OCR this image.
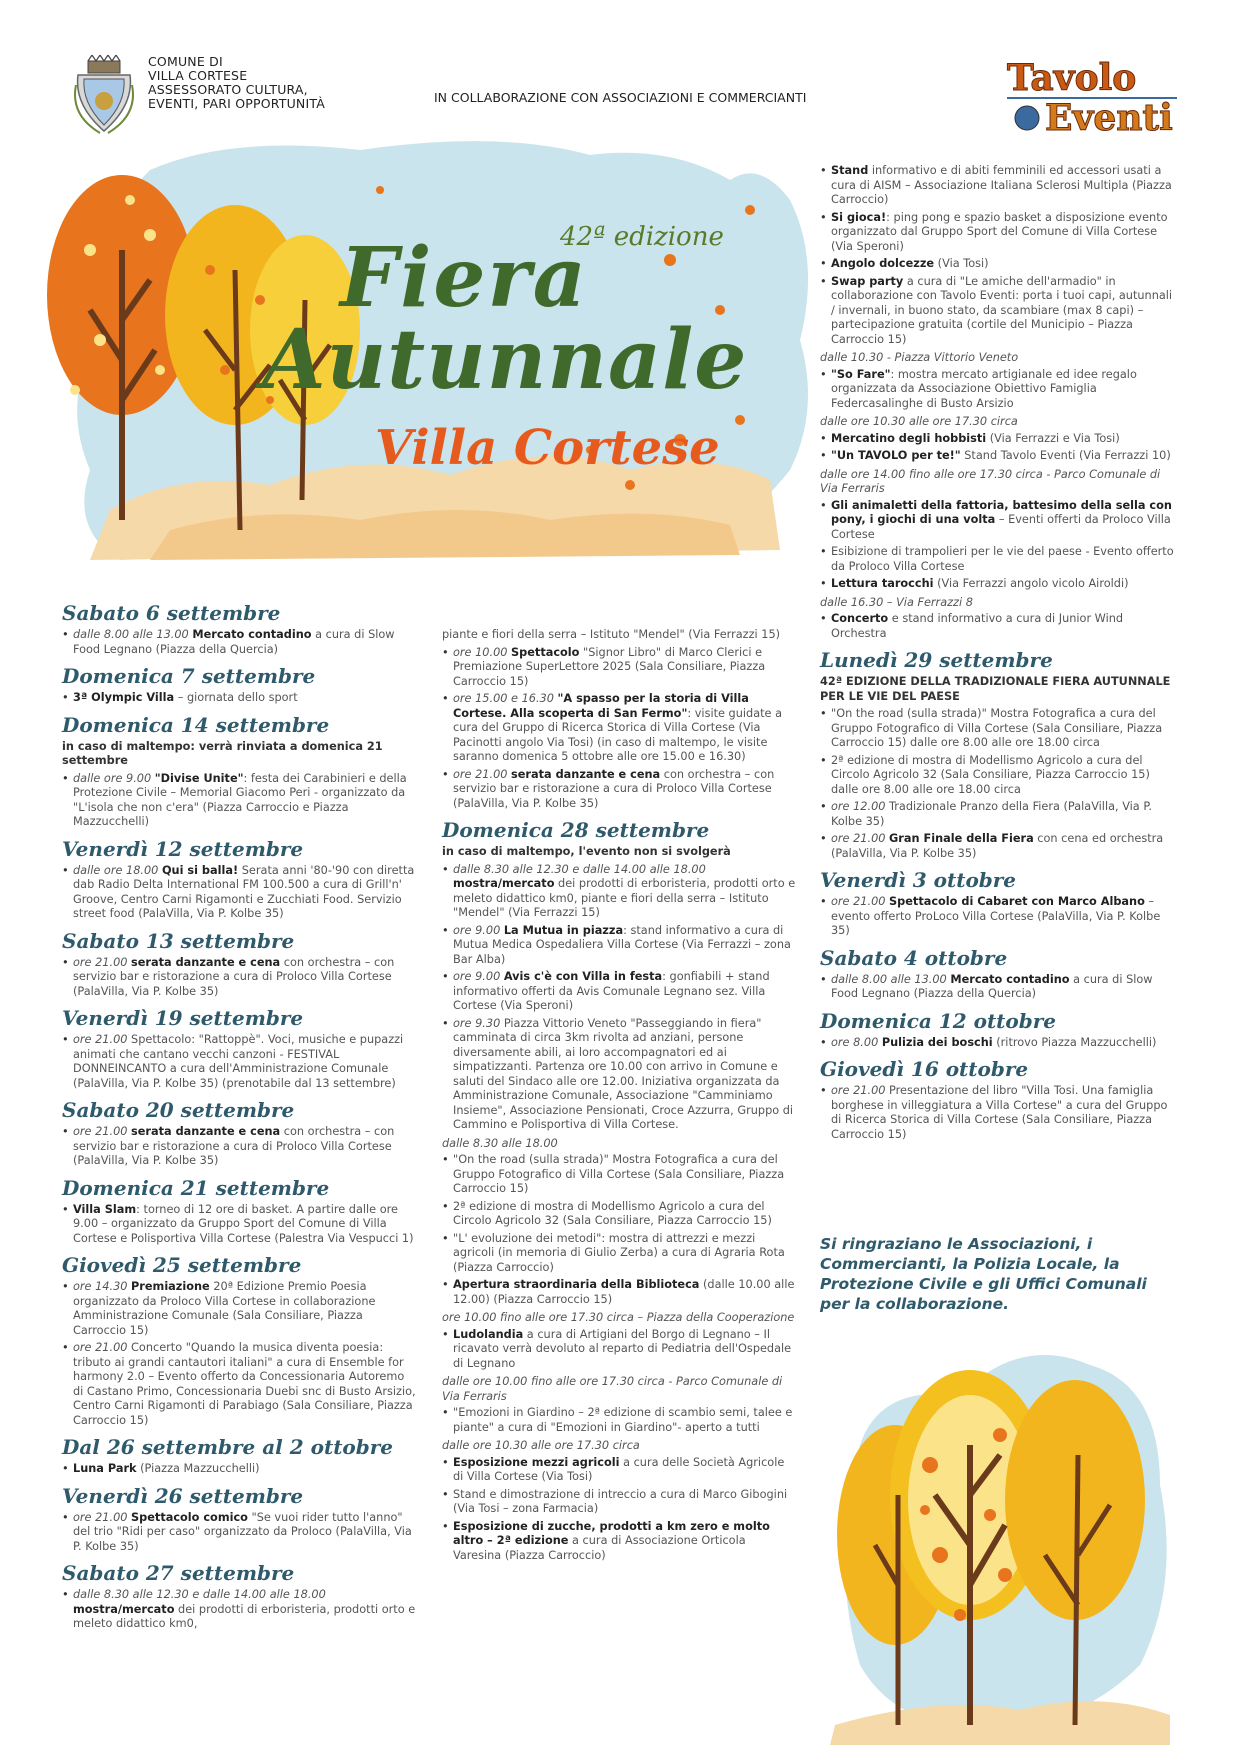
COMUNE DI
VILLA CORTESE
ASSESSORATO CULTURA,
EVENTI, PARI OPPORTUNITÀ	IN COLLABORAZIONE CON ASSOCIAZIONI E COMMERCIANTI	Tavolo
Eventi
42ª edizione
Fiera
Autunnale
Villa Cortese
Sabato 6 settembre
• dalle 8.00 alle 13.00 Mercato contadino a cura di Slow Food Legnano (Piazza della Quercia)
Domenica 7 settembre
• 3ª Olympic Villa – giornata dello sport
Domenica 14 settembre
in caso di maltempo: verrà rinviata a domenica 21 settembre
• dalle ore 9.00 "Divise Unite": festa dei Carabinieri e della Protezione Civile – Memorial Giacomo Peri - organizzato da "L'isola che non c'era" (Piazza Carroccio e Piazza Mazzucchelli)
Venerdì 12 settembre
• dalle ore 18.00 Qui si balla! Serata anni '80-'90 con diretta dab Radio Delta International FM 100.500 a cura di Grill'n' Groove, Centro Carni Rigamonti e Zucchiati Food. Servizio street food (PalaVilla, Via P. Kolbe 35)
Sabato 13 settembre
• ore 21.00 serata danzante e cena con orchestra – con servizio bar e ristorazione a cura di Proloco Villa Cortese (PalaVilla, Via P. Kolbe 35)
Venerdì 19 settembre
• ore 21.00 Spettacolo: "Rattoppè". Voci, musiche e pupazzi animati che cantano vecchi canzoni - FESTIVAL DONNEINCANTO a cura dell'Amministrazione Comunale (PalaVilla, Via P. Kolbe 35) (prenotabile dal 13 settembre)
Sabato 20 settembre
• ore 21.00 serata danzante e cena con orchestra – con servizio bar e ristorazione a cura di Proloco Villa Cortese (PalaVilla, Via P. Kolbe 35)
Domenica 21 settembre
• Villa Slam: torneo di 12 ore di basket. A partire dalle ore 9.00 – organizzato da Gruppo Sport del Comune di Villa Cortese e Polisportiva Villa Cortese (Palestra Via Vespucci 1)
Giovedì 25 settembre
• ore 14.30 Premiazione 20ª Edizione Premio Poesia organizzato da Proloco Villa Cortese in collaborazione Amministrazione Comunale (Sala Consiliare, Piazza Carroccio 15)
• ore 21.00 Concerto "Quando la musica diventa poesia: tributo ai grandi cantautori italiani" a cura di Ensemble for harmony 2.0 – Evento offerto da Concessionaria Autoremo di Castano Primo, Concessionaria Duebi snc di Busto Arsizio, Centro Carni Rigamonti di Parabiago (Sala Consiliare, Piazza Carroccio 15)
Dal 26 settembre al 2 ottobre
• Luna Park (Piazza Mazzucchelli)
Venerdì 26 settembre
• ore 21.00 Spettacolo comico "Se vuoi rider tutto l'anno" del trio "Ridi per caso" organizzato da Proloco (PalaVilla, Via P. Kolbe 35)
Sabato 27 settembre
• dalle 8.30 alle 12.30 e dalle 14.00 alle 18.00 mostra/mercato dei prodotti di erboristeria, prodotti orto e meleto didattico km0,
piante e fiori della serra – Istituto "Mendel" (Via Ferrazzi 15)
• ore 10.00 Spettacolo "Signor Libro" di Marco Clerici e Premiazione SuperLettore 2025 (Sala Consiliare, Piazza Carroccio 15)
• ore 15.00 e 16.30 "A spasso per la storia di Villa Cortese. Alla scoperta di San Fermo": visite guidate a cura del Gruppo di Ricerca Storica di Villa Cortese (Via Pacinotti angolo Via Tosi) (in caso di maltempo, le visite saranno domenica 5 ottobre alle ore 15.00 e 16.30)
• ore 21.00 serata danzante e cena con orchestra – con servizio bar e ristorazione a cura di Proloco Villa Cortese (PalaVilla, Via P. Kolbe 35)
Domenica 28 settembre
in caso di maltempo, l'evento non si svolgerà
• dalle 8.30 alle 12.30 e dalle 14.00 alle 18.00 mostra/mercato dei prodotti di erboristeria, prodotti orto e meleto didattico km0, piante e fiori della serra – Istituto "Mendel" (Via Ferrazzi 15)
• ore 9.00 La Mutua in piazza: stand informativo a cura di Mutua Medica Ospedaliera Villa Cortese (Via Ferrazzi – zona Bar Alba)
• ore 9.00 Avis c'è con Villa in festa: gonfiabili + stand informativo offerti da Avis Comunale Legnano sez. Villa Cortese (Via Speroni)
• ore 9.30 Piazza Vittorio Veneto "Passeggiando in fiera" camminata di circa 3km rivolta ad anziani, persone diversamente abili, ai loro accompagnatori ed ai simpatizzanti. Partenza ore 10.00 con arrivo in Comune e saluti del Sindaco alle ore 12.00. Iniziativa organizzata da Amministrazione Comunale, Associazione "Camminiamo Insieme", Associazione Pensionati, Croce Azzurra, Gruppo di Cammino e Polisportiva di Villa Cortese.
dalle 8.30 alle 18.00
• "On the road (sulla strada)" Mostra Fotografica a cura del Gruppo Fotografico di Villa Cortese (Sala Consiliare, Piazza Carroccio 15)
• 2ª edizione di mostra di Modellismo Agricolo a cura del Circolo Agricolo 32 (Sala Consiliare, Piazza Carroccio 15)
• "L' evoluzione dei metodi": mostra di attrezzi e mezzi agricoli (in memoria di Giulio Zerba) a cura di Agraria Rota (Piazza Carroccio)
• Apertura straordinaria della Biblioteca (dalle 10.00 alle 12.00) (Piazza Carroccio 15)
ore 10.00 fino alle ore 17.30 circa – Piazza della Cooperazione
• Ludolandia a cura di Artigiani del Borgo di Legnano – Il ricavato verrà devoluto al reparto di Pediatria dell'Ospedale di Legnano
dalle ore 10.00 fino alle ore 17.30 circa - Parco Comunale di Via Ferraris
• "Emozioni in Giardino – 2ª edizione di scambio semi, talee e piante" a cura di "Emozioni in Giardino"- aperto a tutti
dalle ore 10.30 alle ore 17.30 circa
• Esposizione mezzi agricoli a cura delle Società Agricole di Villa Cortese (Via Tosi)
• Stand e dimostrazione di intreccio a cura di Marco Gibogini (Via Tosi – zona Farmacia)
• Esposizione di zucche, prodotti a km zero e molto altro – 2ª edizione a cura di Associazione Orticola Varesina (Piazza Carroccio)
• Stand informativo e di abiti femminili ed accessori usati a cura di AISM – Associazione Italiana Sclerosi Multipla (Piazza Carroccio)
• Si gioca!: ping pong e spazio basket a disposizione evento organizzato dal Gruppo Sport del Comune di Villa Cortese (Via Speroni)
• Angolo dolcezze (Via Tosi)
• Swap party a cura di "Le amiche dell'armadio" in collaborazione con Tavolo Eventi: porta i tuoi capi, autunnali / invernali, in buono stato, da scambiare (max 8 capi) – partecipazione gratuita (cortile del Municipio – Piazza Carroccio 15)
dalle 10.30 - Piazza Vittorio Veneto
• "So Fare": mostra mercato artigianale ed idee regalo organizzata da Associazione Obiettivo Famiglia Federcasalinghe di Busto Arsizio
dalle ore 10.30 alle ore 17.30 circa
• Mercatino degli hobbisti (Via Ferrazzi e Via Tosi)
• "Un TAVOLO per te!" Stand Tavolo Eventi (Via Ferrazzi 10)
dalle ore 14.00 fino alle ore 17.30 circa - Parco Comunale di Via Ferraris
• Gli animaletti della fattoria, battesimo della sella con pony, i giochi di una volta – Eventi offerti da Proloco Villa Cortese
• Esibizione di trampolieri per le vie del paese - Evento offerto da Proloco Villa Cortese
• Lettura tarocchi (Via Ferrazzi angolo vicolo Airoldi)
dalle 16.30 – Via Ferrazzi 8
• Concerto e stand informativo a cura di Junior Wind Orchestra
Lunedì 29 settembre
42ª EDIZIONE DELLA TRADIZIONALE FIERA AUTUNNALE PER LE VIE DEL PAESE
• "On the road (sulla strada)" Mostra Fotografica a cura del Gruppo Fotografico di Villa Cortese (Sala Consiliare, Piazza Carroccio 15) dalle ore 8.00 alle ore 18.00 circa
• 2ª edizione di mostra di Modellismo Agricolo a cura del Circolo Agricolo 32 (Sala Consiliare, Piazza Carroccio 15) dalle ore 8.00 alle ore 18.00 circa
• ore 12.00 Tradizionale Pranzo della Fiera (PalaVilla, Via P. Kolbe 35)
• ore 21.00 Gran Finale della Fiera con cena ed orchestra (PalaVilla, Via P. Kolbe 35)
Venerdì 3 ottobre
• ore 21.00 Spettacolo di Cabaret con Marco Albano – evento offerto ProLoco Villa Cortese (PalaVilla, Via P. Kolbe 35)
Sabato 4 ottobre
• dalle 8.00 alle 13.00 Mercato contadino a cura di Slow Food Legnano (Piazza della Quercia)
Domenica 12 ottobre
• ore 8.00 Pulizia dei boschi (ritrovo Piazza Mazzucchelli)
Giovedì 16 ottobre
• ore 21.00 Presentazione del libro "Villa Tosi. Una famiglia borghese in villeggiatura a Villa Cortese" a cura del Gruppo di Ricerca Storica di Villa Cortese (Sala Consiliare, Piazza Carroccio 15)
Si ringraziano le Associazioni, i Commercianti, la Polizia Locale, la Protezione Civile e gli Uffici Comunali per la collaborazione.
